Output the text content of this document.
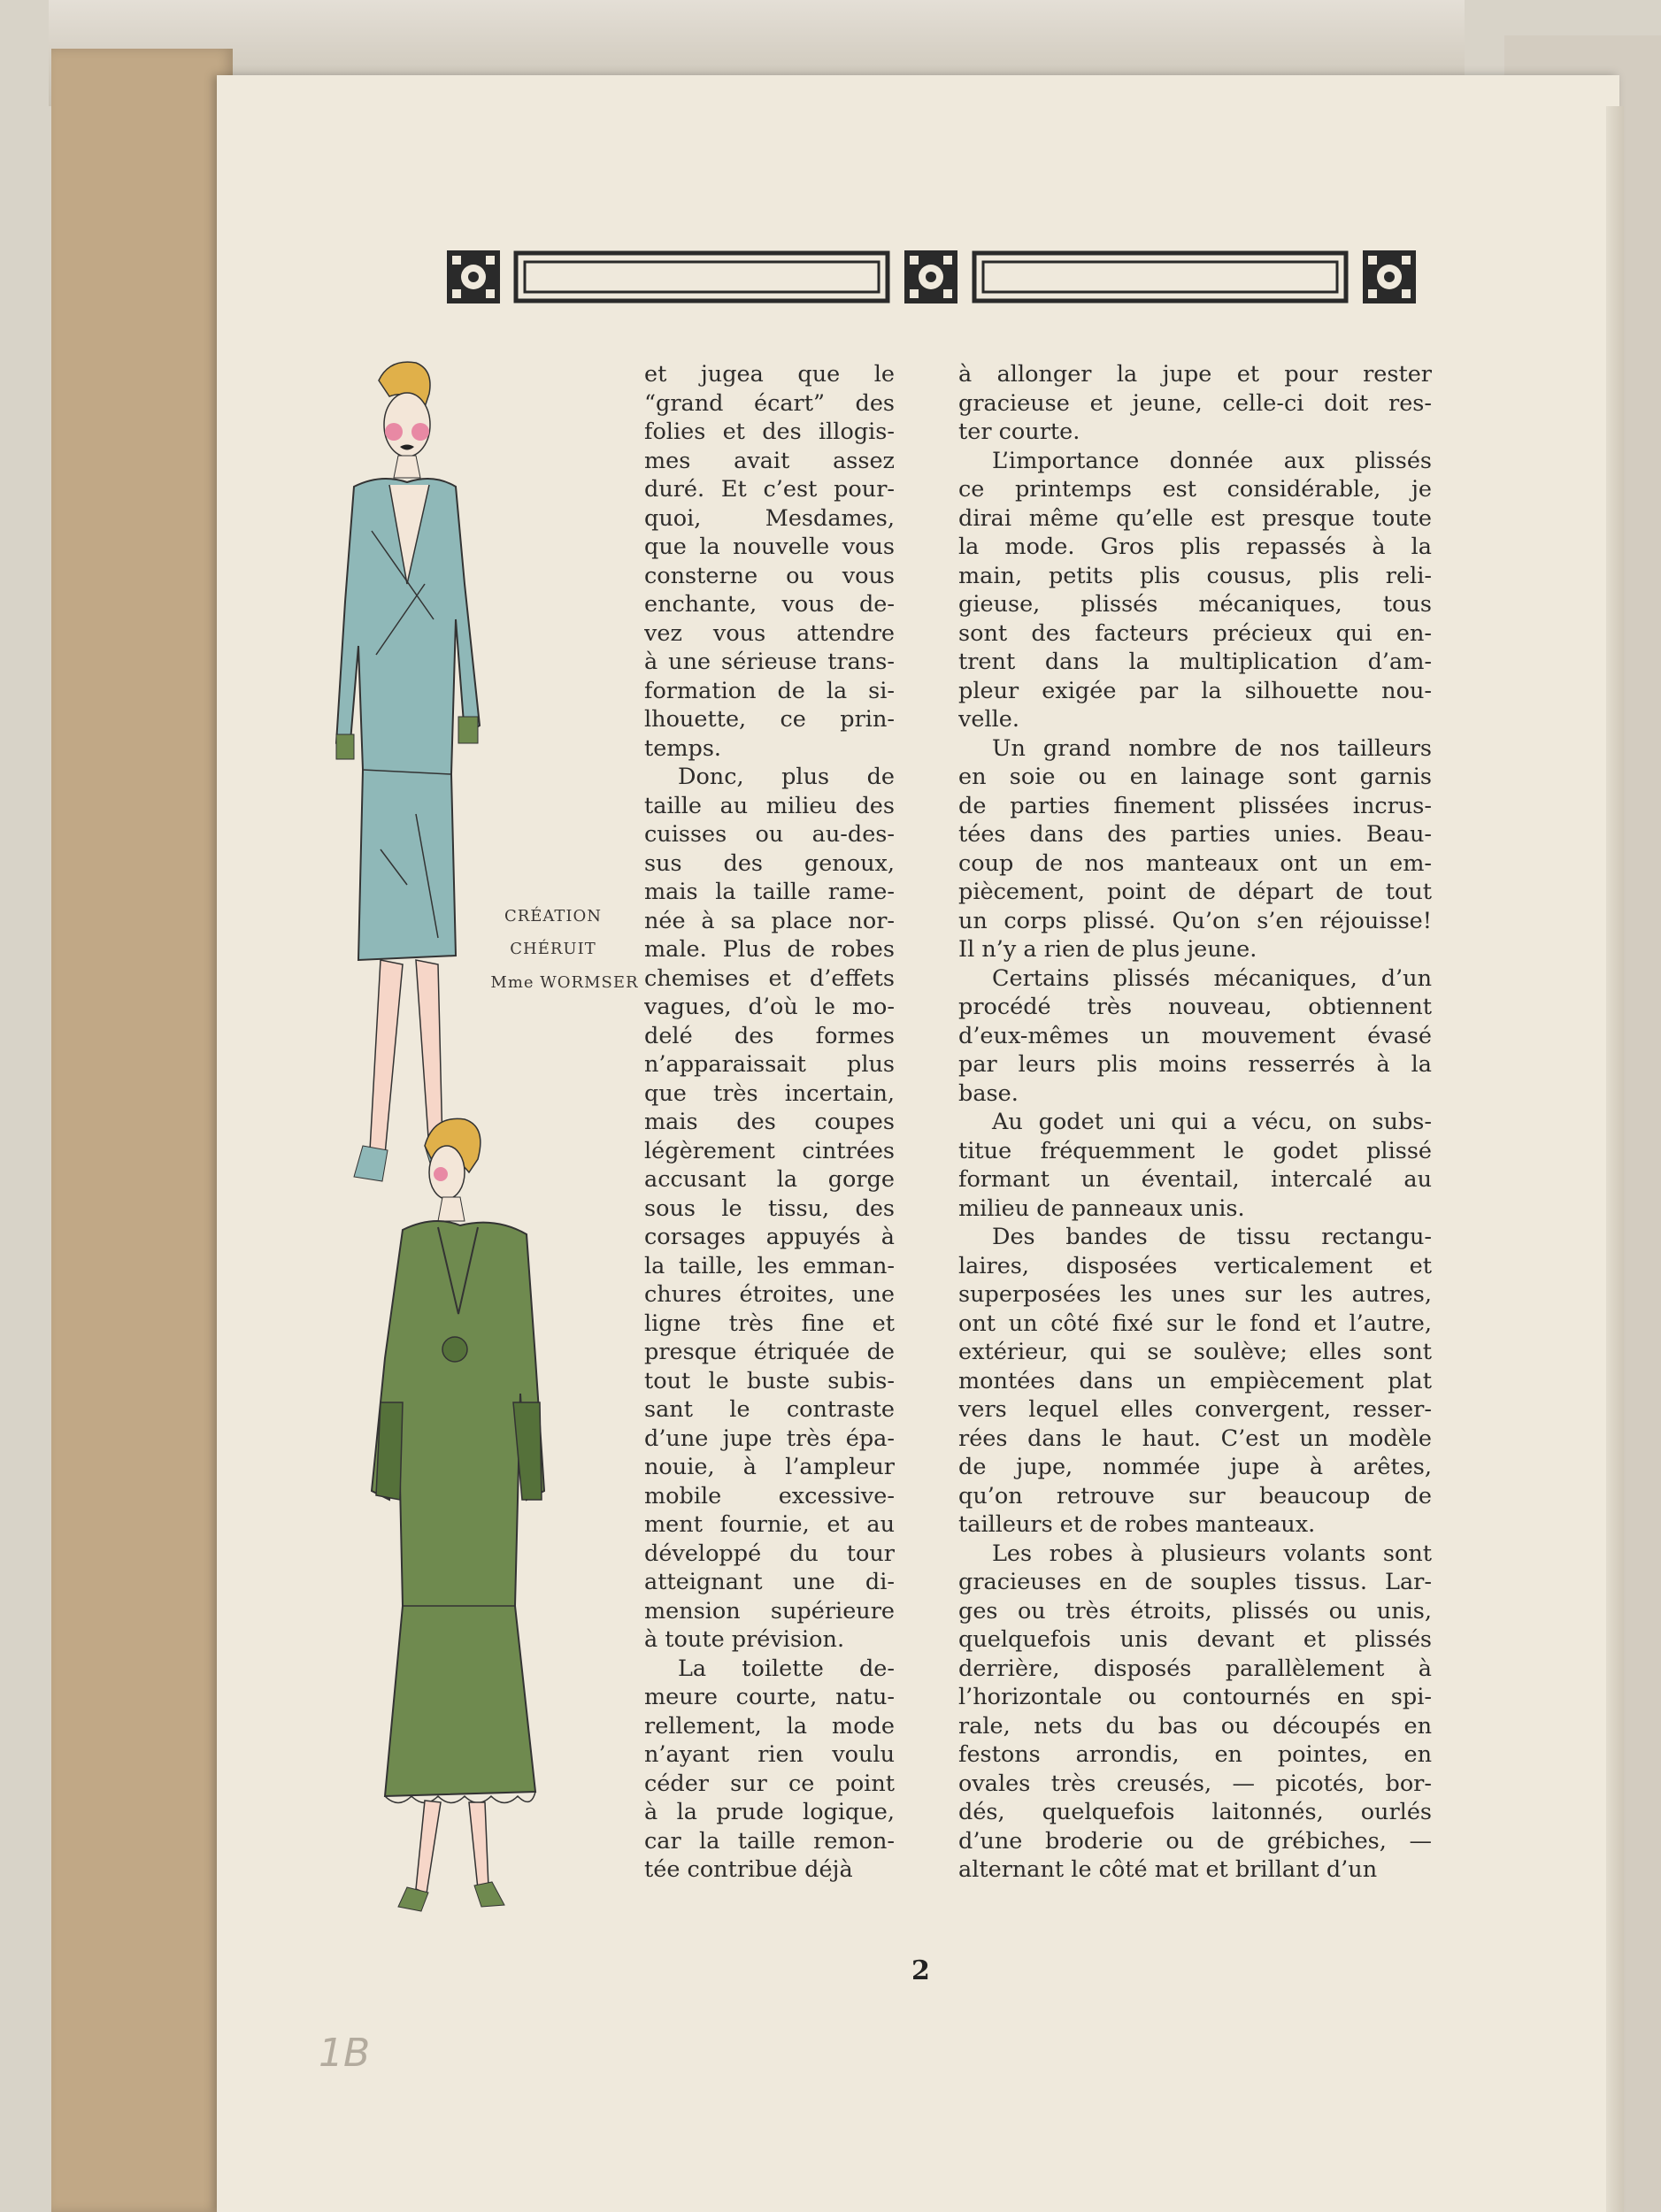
CRÉATION
CHÉRUIT
Mme WORMSER
et jugea que le
“grand écart” des
folies et des illogis-
mes avait assez
duré. Et c’est pour-
quoi, Mesdames,
que la nouvelle vous
consterne ou vous
enchante, vous de-
vez vous attendre
à une sérieuse trans-
formation de la si-
lhouette, ce prin-
temps.
Donc, plus de
taille au milieu des
cuisses ou au-des-
sus des genoux,
mais la taille rame-
née à sa place nor-
male. Plus de robes
chemises et d’effets
vagues, d’où le mo-
delé des formes
n’apparaissait plus
que très incertain,
mais des coupes
légèrement cintrées
accusant la gorge
sous le tissu, des
corsages appuyés à
la taille, les emman-
chures étroites, une
ligne très fine et
presque étriquée de
tout le buste subis-
sant le contraste
d’une jupe très épa-
nouie, à l’ampleur
mobile excessive-
ment fournie, et au
développé du tour
atteignant une di-
mension supérieure
à toute prévision.
La toilette de-
meure courte, natu-
rellement, la mode
n’ayant rien voulu
céder sur ce point
à la prude logique,
car la taille remon-
tée contribue déjà
à allonger la jupe et pour rester
gracieuse et jeune, celle-ci doit res-
ter courte.
L’importance donnée aux plissés
ce printemps est considérable, je
dirai même qu’elle est presque toute
la mode. Gros plis repassés à la
main, petits plis cousus, plis reli-
gieuse, plissés mécaniques, tous
sont des facteurs précieux qui en-
trent dans la multiplication d’am-
pleur exigée par la silhouette nou-
velle.
Un grand nombre de nos tailleurs
en soie ou en lainage sont garnis
de parties finement plissées incrus-
tées dans des parties unies. Beau-
coup de nos manteaux ont un em-
piècement, point de départ de tout
un corps plissé. Qu’on s’en réjouisse!
Il n’y a rien de plus jeune.
Certains plissés mécaniques, d’un
procédé très nouveau, obtiennent
d’eux-mêmes un mouvement évasé
par leurs plis moins resserrés à la
base.
Au godet uni qui a vécu, on subs-
titue fréquemment le godet plissé
formant un éventail, intercalé au
milieu de panneaux unis.
Des bandes de tissu rectangu-
laires, disposées verticalement et
superposées les unes sur les autres,
ont un côté fixé sur le fond et l’autre,
extérieur, qui se soulève; elles sont
montées dans un empiècement plat
vers lequel elles convergent, resser-
rées dans le haut. C’est un modèle
de jupe, nommée jupe à arêtes,
qu’on retrouve sur beaucoup de
tailleurs et de robes manteaux.
Les robes à plusieurs volants sont
gracieuses en de souples tissus. Lar-
ges ou très étroits, plissés ou unis,
quelquefois unis devant et plissés
derrière, disposés parallèlement à
l’horizontale ou contournés en spi-
rale, nets du bas ou découpés en
festons arrondis, en pointes, en
ovales très creusés, — picotés, bor-
dés, quelquefois laitonnés, ourlés
d’une broderie ou de grébiches, —
alternant le côté mat et brillant d’un
2
1B
